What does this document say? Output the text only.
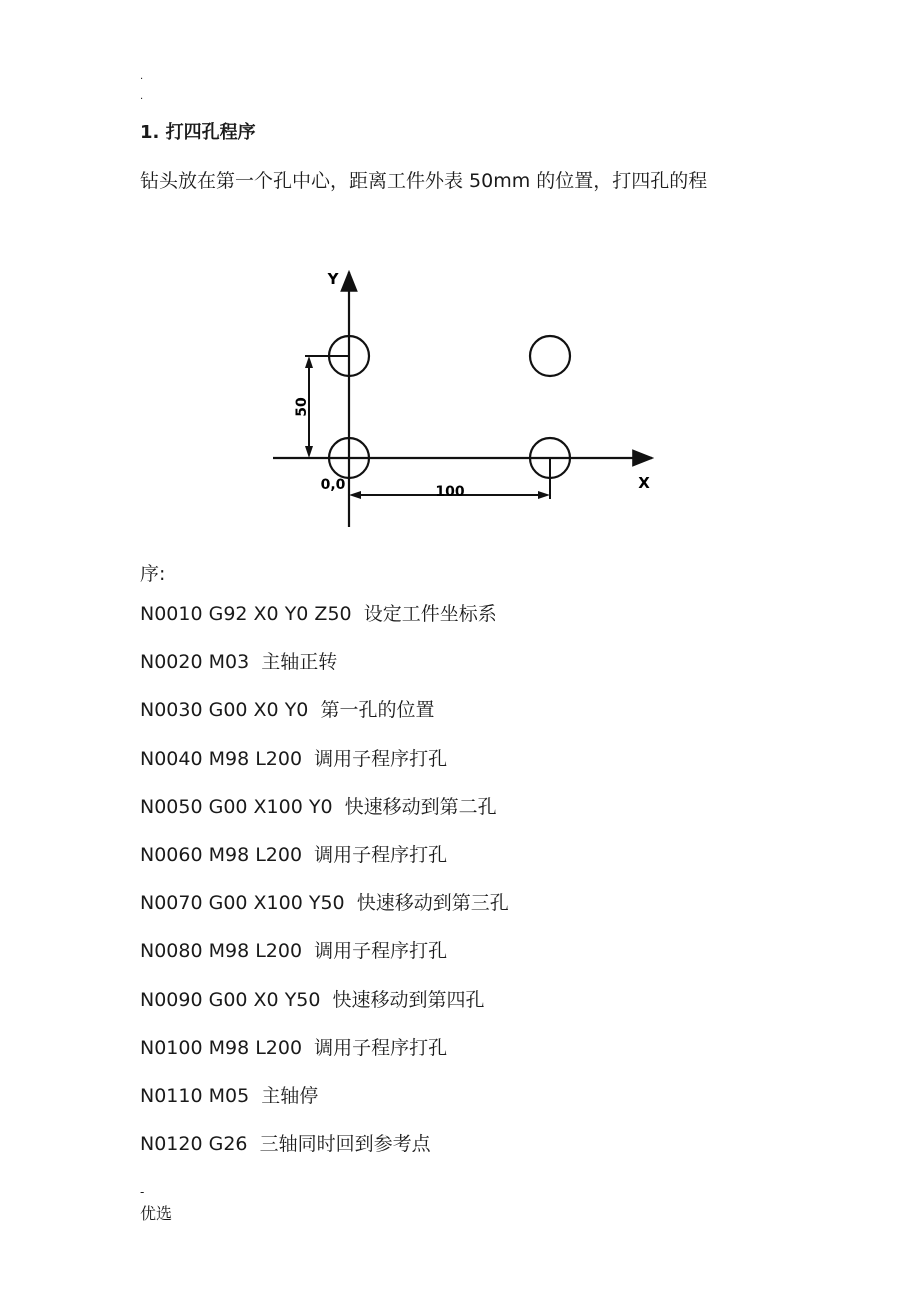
.
.
1. 打四孔程序
钻头放在第一个孔中心，距离工件外表 50mm 的位置，打四孔的程
50
100
Y
X
0,0
序:
N0010 G92 X0 Y0 Z50  设定工件坐标系
N0020 M03  主轴正转
N0030 G00 X0 Y0  第一孔的位置
N0040 M98 L200  调用子程序打孔
N0050 G00 X100 Y0  快速移动到第二孔
N0060 M98 L200  调用子程序打孔
N0070 G00 X100 Y50  快速移动到第三孔
N0080 M98 L200  调用子程序打孔
N0090 G00 X0 Y50  快速移动到第四孔
N0100 M98 L200  调用子程序打孔
N0110 M05  主轴停
N0120 G26  三轴同时回到参考点
-
优选
